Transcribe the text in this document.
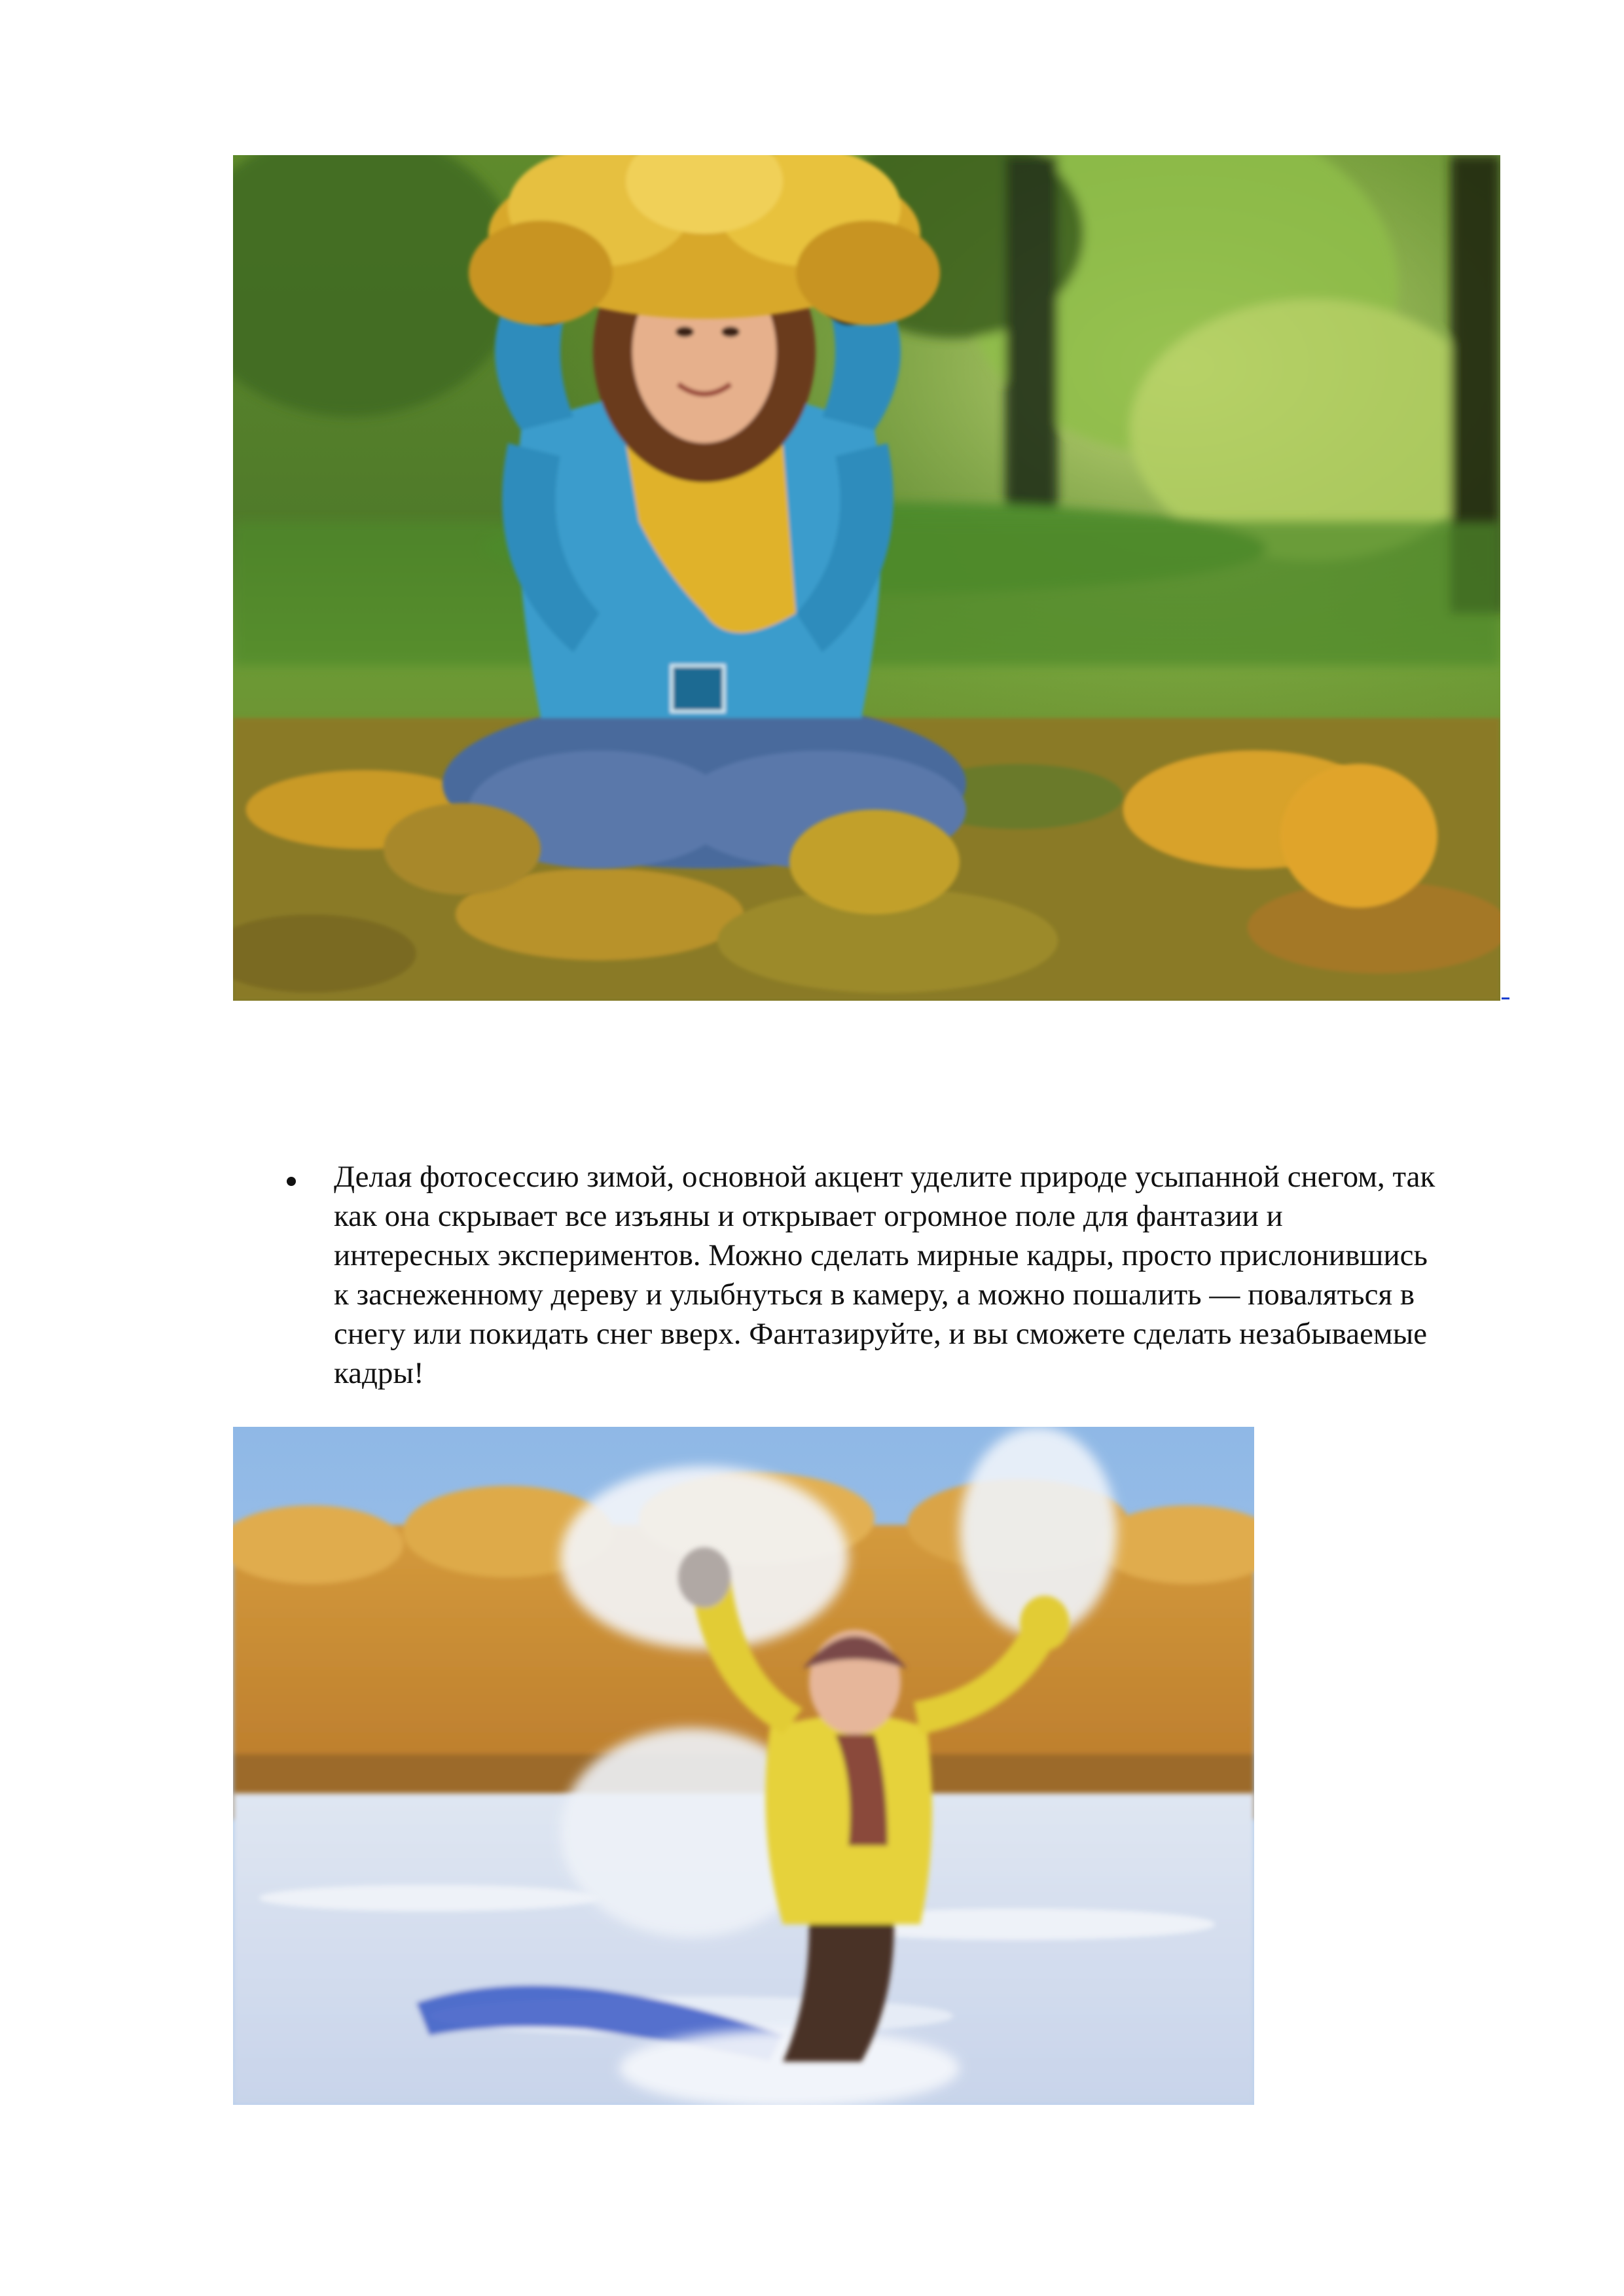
Делая фотосессию зимой, основной акцент уделите природе усыпанной снегом, так
как она скрывает все изъяны и открывает огромное поле для фантазии и
интересных экспериментов. Можно сделать мирные кадры, просто прислонившись
к заснеженному дереву и улыбнуться в камеру, а можно пошалить — поваляться в
снегу или покидать снег вверх. Фантазируйте, и вы сможете сделать незабываемые
кадры!
